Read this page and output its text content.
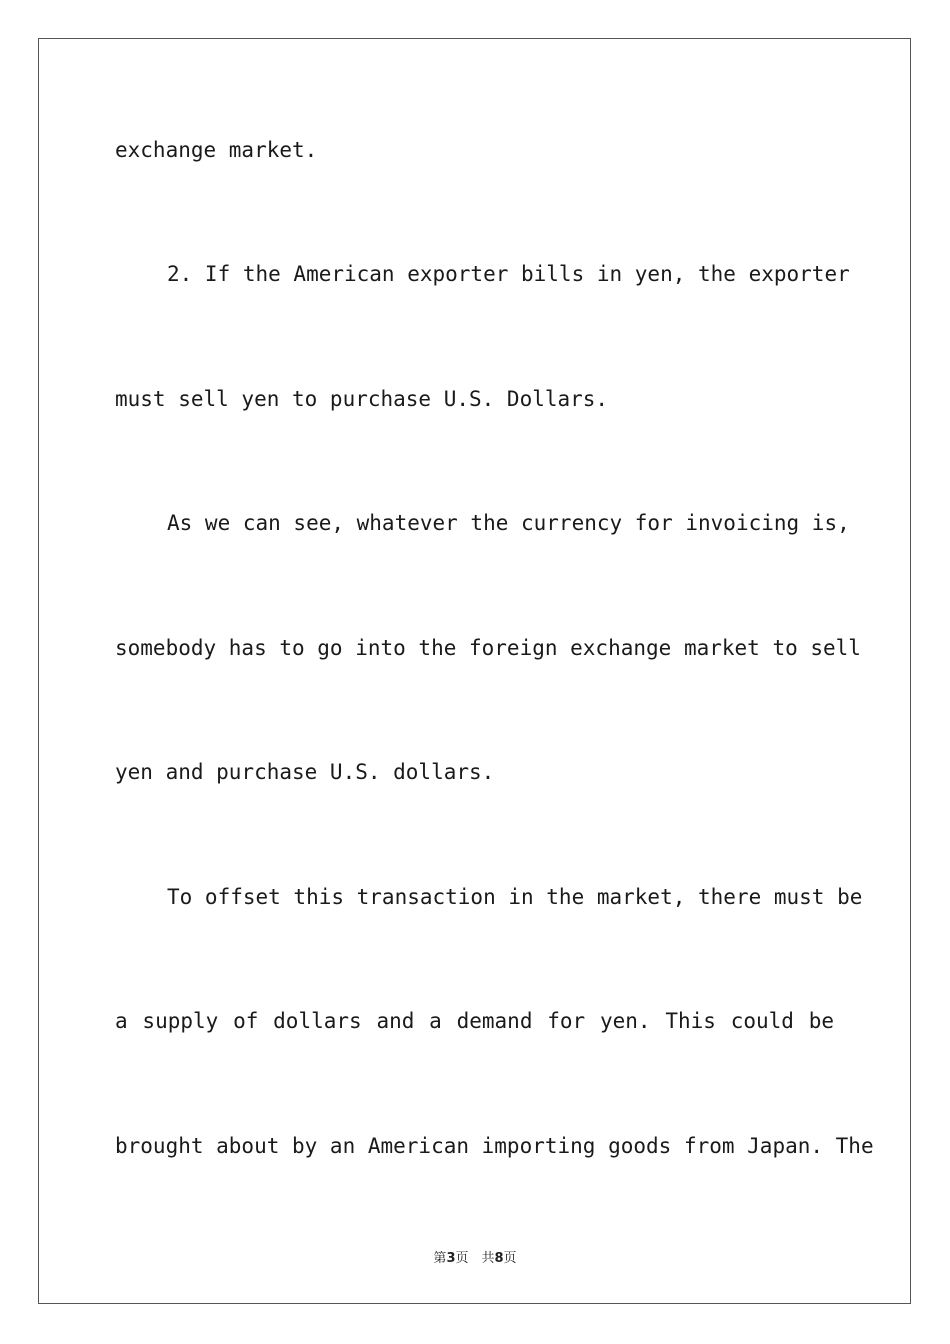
exchange market.
2. If the American exporter bills in yen, the exporter
must sell yen to purchase U.S. Dollars.
As we can see, whatever the currency for invoicing is,
somebody has to go into the foreign exchange market to sell
yen and purchase U.S. dollars.
To offset this transaction in the market, there must be
a supply of dollars and a demand for yen. This could be
brought about by an American importing goods from Japan. The
第3页　共8页
